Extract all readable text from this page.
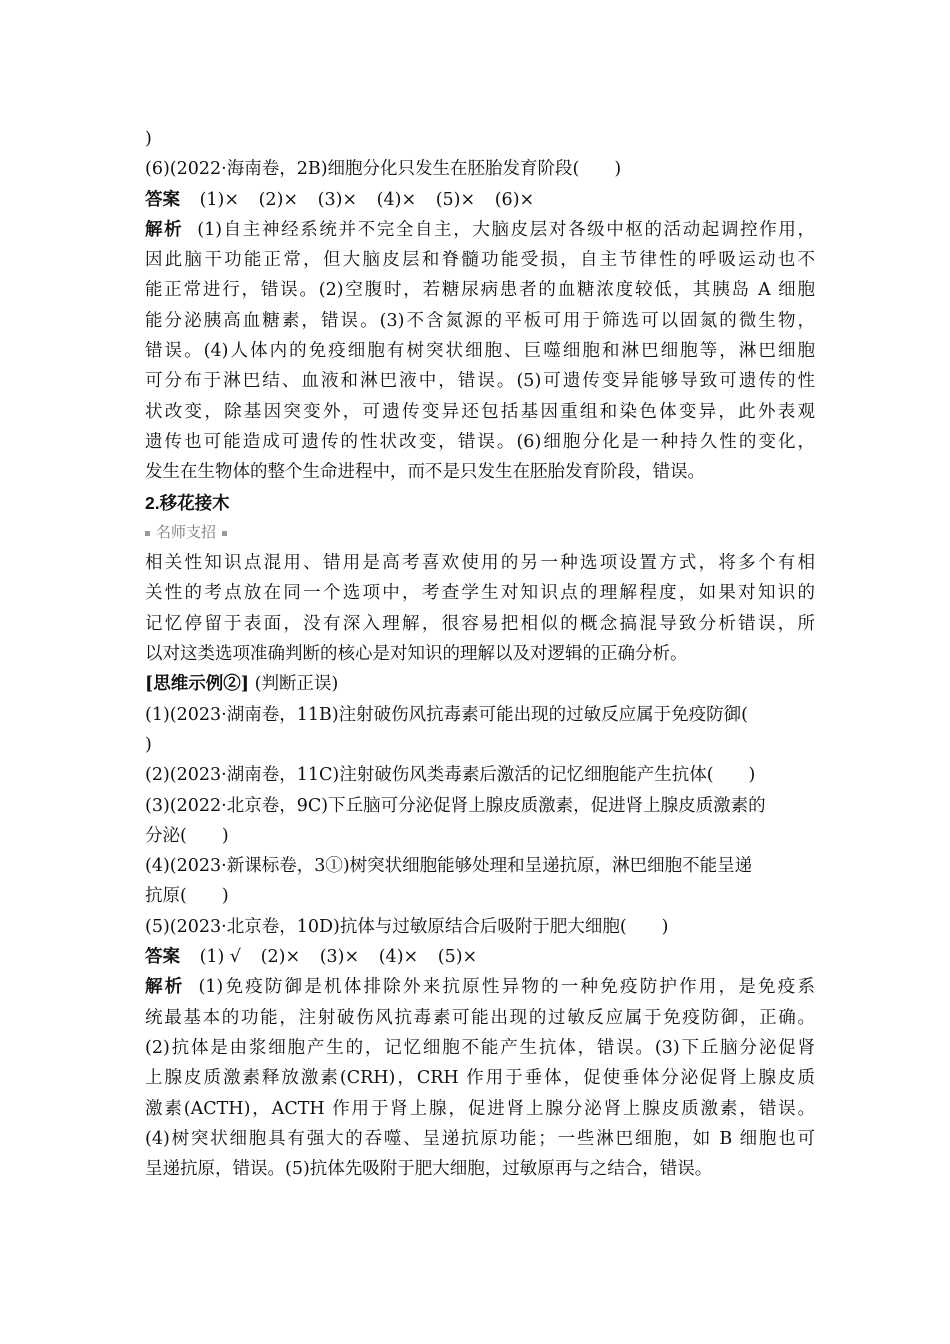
)
(6)(2022·海南卷，2B)细胞分化只发生在胚胎发育阶段(　　)
答案 (1)× (2)× (3)× (4)× (5)× (6)×
解析 (1)自主神经系统并不完全自主，大脑皮层对各级中枢的活动起调控作用，
因此脑干功能正常，但大脑皮层和脊髓功能受损，自主节律性的呼吸运动也不
能正常进行，错误。(2)空腹时，若糖尿病患者的血糖浓度较低，其胰岛 A 细胞
能分泌胰高血糖素，错误。(3)不含氮源的平板可用于筛选可以固氮的微生物，
错误。(4)人体内的免疫细胞有树突状细胞、巨噬细胞和淋巴细胞等，淋巴细胞
可分布于淋巴结、血液和淋巴液中，错误。(5)可遗传变异能够导致可遗传的性
状改变，除基因突变外，可遗传变异还包括基因重组和染色体变异，此外表观
遗传也可能造成可遗传的性状改变，错误。(6)细胞分化是一种持久性的变化，
发生在生物体的整个生命进程中，而不是只发生在胚胎发育阶段，错误。
2.移花接木
名师支招
相关性知识点混用、错用是高考喜欢使用的另一种选项设置方式，将多个有相
关性的考点放在同一个选项中，考查学生对知识点的理解程度，如果对知识的
记忆停留于表面，没有深入理解，很容易把相似的概念搞混导致分析错误，所
以对这类选项准确判断的核心是对知识的理解以及对逻辑的正确分析。
[思维示例②] (判断正误)
(1)(2023·湖南卷，11B)注射破伤风抗毒素可能出现的过敏反应属于免疫防御(
)
(2)(2023·湖南卷，11C)注射破伤风类毒素后激活的记忆细胞能产生抗体(　　)
(3)(2022·北京卷，9C)下丘脑可分泌促肾上腺皮质激素，促进肾上腺皮质激素的
分泌(　　)
(4)(2023·新课标卷，3①)树突状细胞能够处理和呈递抗原，淋巴细胞不能呈递
抗原(　　)
(5)(2023·北京卷，10D)抗体与过敏原结合后吸附于肥大细胞(　　)
答案 (1) √ (2)× (3)× (4)× (5)×
解析 (1)免疫防御是机体排除外来抗原性异物的一种免疫防护作用，是免疫系
统最基本的功能，注射破伤风抗毒素可能出现的过敏反应属于免疫防御，正确。
(2)抗体是由浆细胞产生的，记忆细胞不能产生抗体，错误。(3)下丘脑分泌促肾
上腺皮质激素释放激素(CRH)，CRH 作用于垂体，促使垂体分泌促肾上腺皮质
激素(ACTH)，ACTH 作用于肾上腺，促进肾上腺分泌肾上腺皮质激素，错误。
(4)树突状细胞具有强大的吞噬、呈递抗原功能；一些淋巴细胞，如 B 细胞也可
呈递抗原，错误。(5)抗体先吸附于肥大细胞，过敏原再与之结合，错误。
